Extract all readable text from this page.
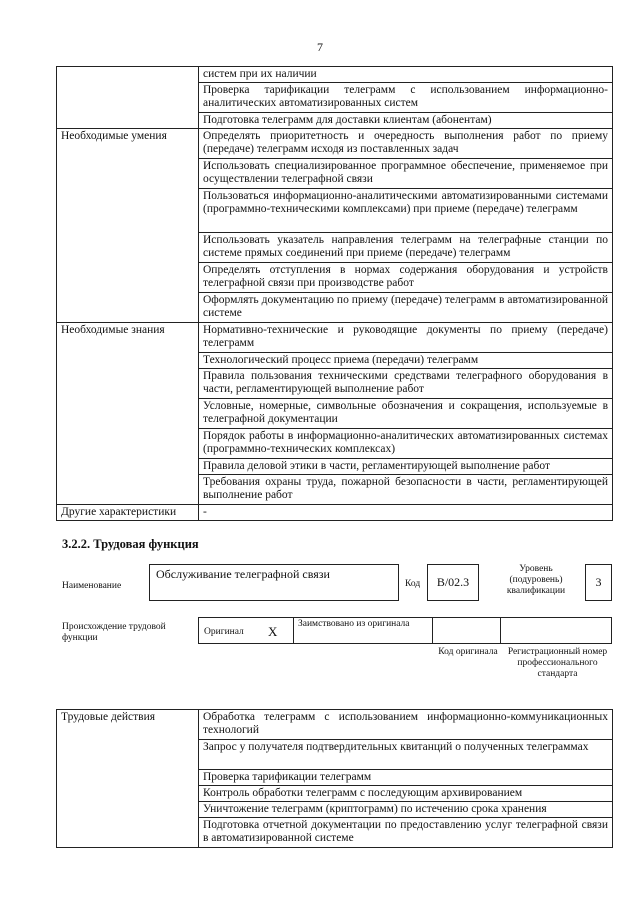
7
	систем при их наличии
	Проверка тарификации телеграмм с использованием информационно-аналитических автоматизированных систем
	Подготовка телеграмм для доставки клиентам (абонентам)
Необходимые умения	Определять приоритетность и очередность выполнения работ по приему (передаче) телеграмм исходя из поставленных задач
	Использовать специализированное программное обеспечение, применяемое при осуществлении телеграфной связи
	Пользоваться информационно-аналитическими автоматизированными системами (программно-техническими комплексами) при приеме (передаче) телеграмм
	Использовать указатель направления телеграмм на телеграфные станции по системе прямых соединений при приеме (передаче) телеграмм
	Определять отступления в нормах содержания оборудования и устройств телеграфной связи при производстве работ
	Оформлять документацию по приему (передаче) телеграмм в автоматизированной системе
Необходимые знания	Нормативно-технические и руководящие документы по приему (передаче) телеграмм
	Технологический процесс приема (передачи) телеграмм
	Правила пользования техническими средствами телеграфного оборудования в части, регламентирующей выполнение работ
	Условные, номерные, символьные обозначения и сокращения, используемые в телеграфной документации
	Порядок работы в информационно-аналитических автоматизированных системах (программно-технических комплексах)
	Правила деловой этики в части, регламентирующей выполнение работ
	Требования охраны труда, пожарной безопасности в части, регламентирующей выполнение работ
Другие характеристики	-
3.2.2. Трудовая функция
Наименование
Обслуживание телеграфной связи
Код	B/02.3
Уровень (подуровень) квалификации
3
Происхождение трудовой функции
Оригинал X Заимствовано из оригинала
Код оригинала Регистрационный номер профессионального стандарта
Трудовые действия	Обработка телеграмм с использованием информационно-коммуникационных технологий
Запрос у получателя подтвердительных квитанций о полученных телеграммах
Проверка тарификации телеграмм
Контроль обработки телеграмм с последующим архивированием
Уничтожение телеграмм (криптограмм) по истечению срока хранения
Подготовка отчетной документации по предоставлению услуг телеграфной связи в автоматизированной системе
